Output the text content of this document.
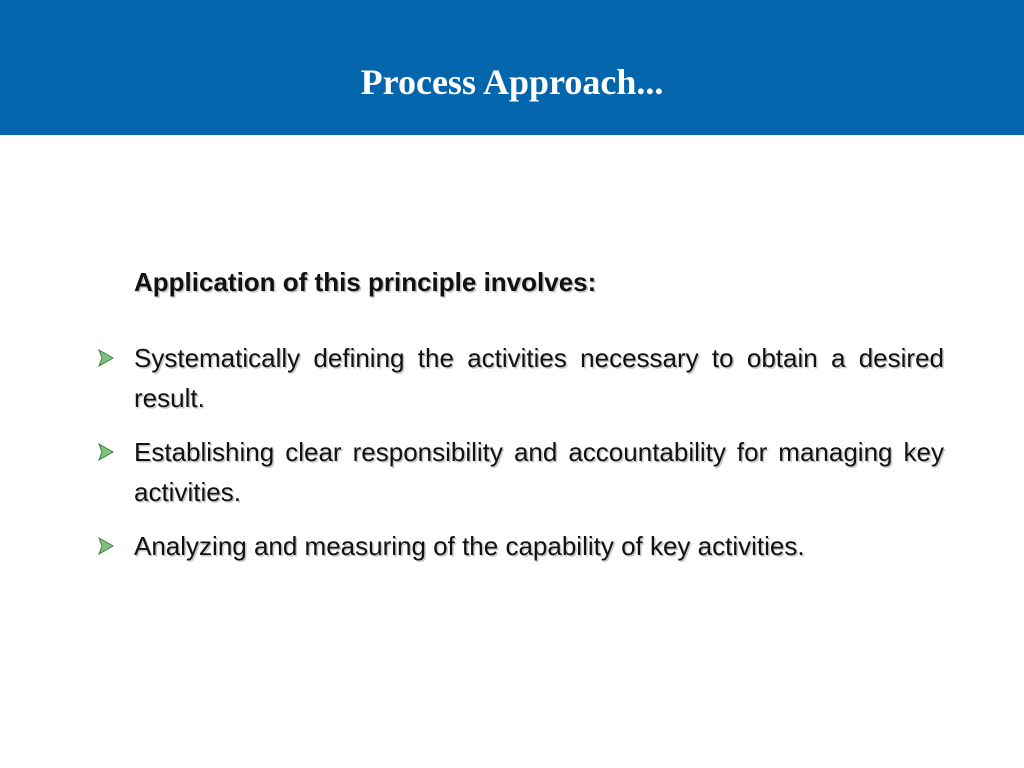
Process Approach...

Application of this principle involves:

Systematically defining the activities necessary to obtain a desired result.
Establishing clear responsibility and accountability for managing key activities.
Analyzing and measuring of the capability of key activities.
